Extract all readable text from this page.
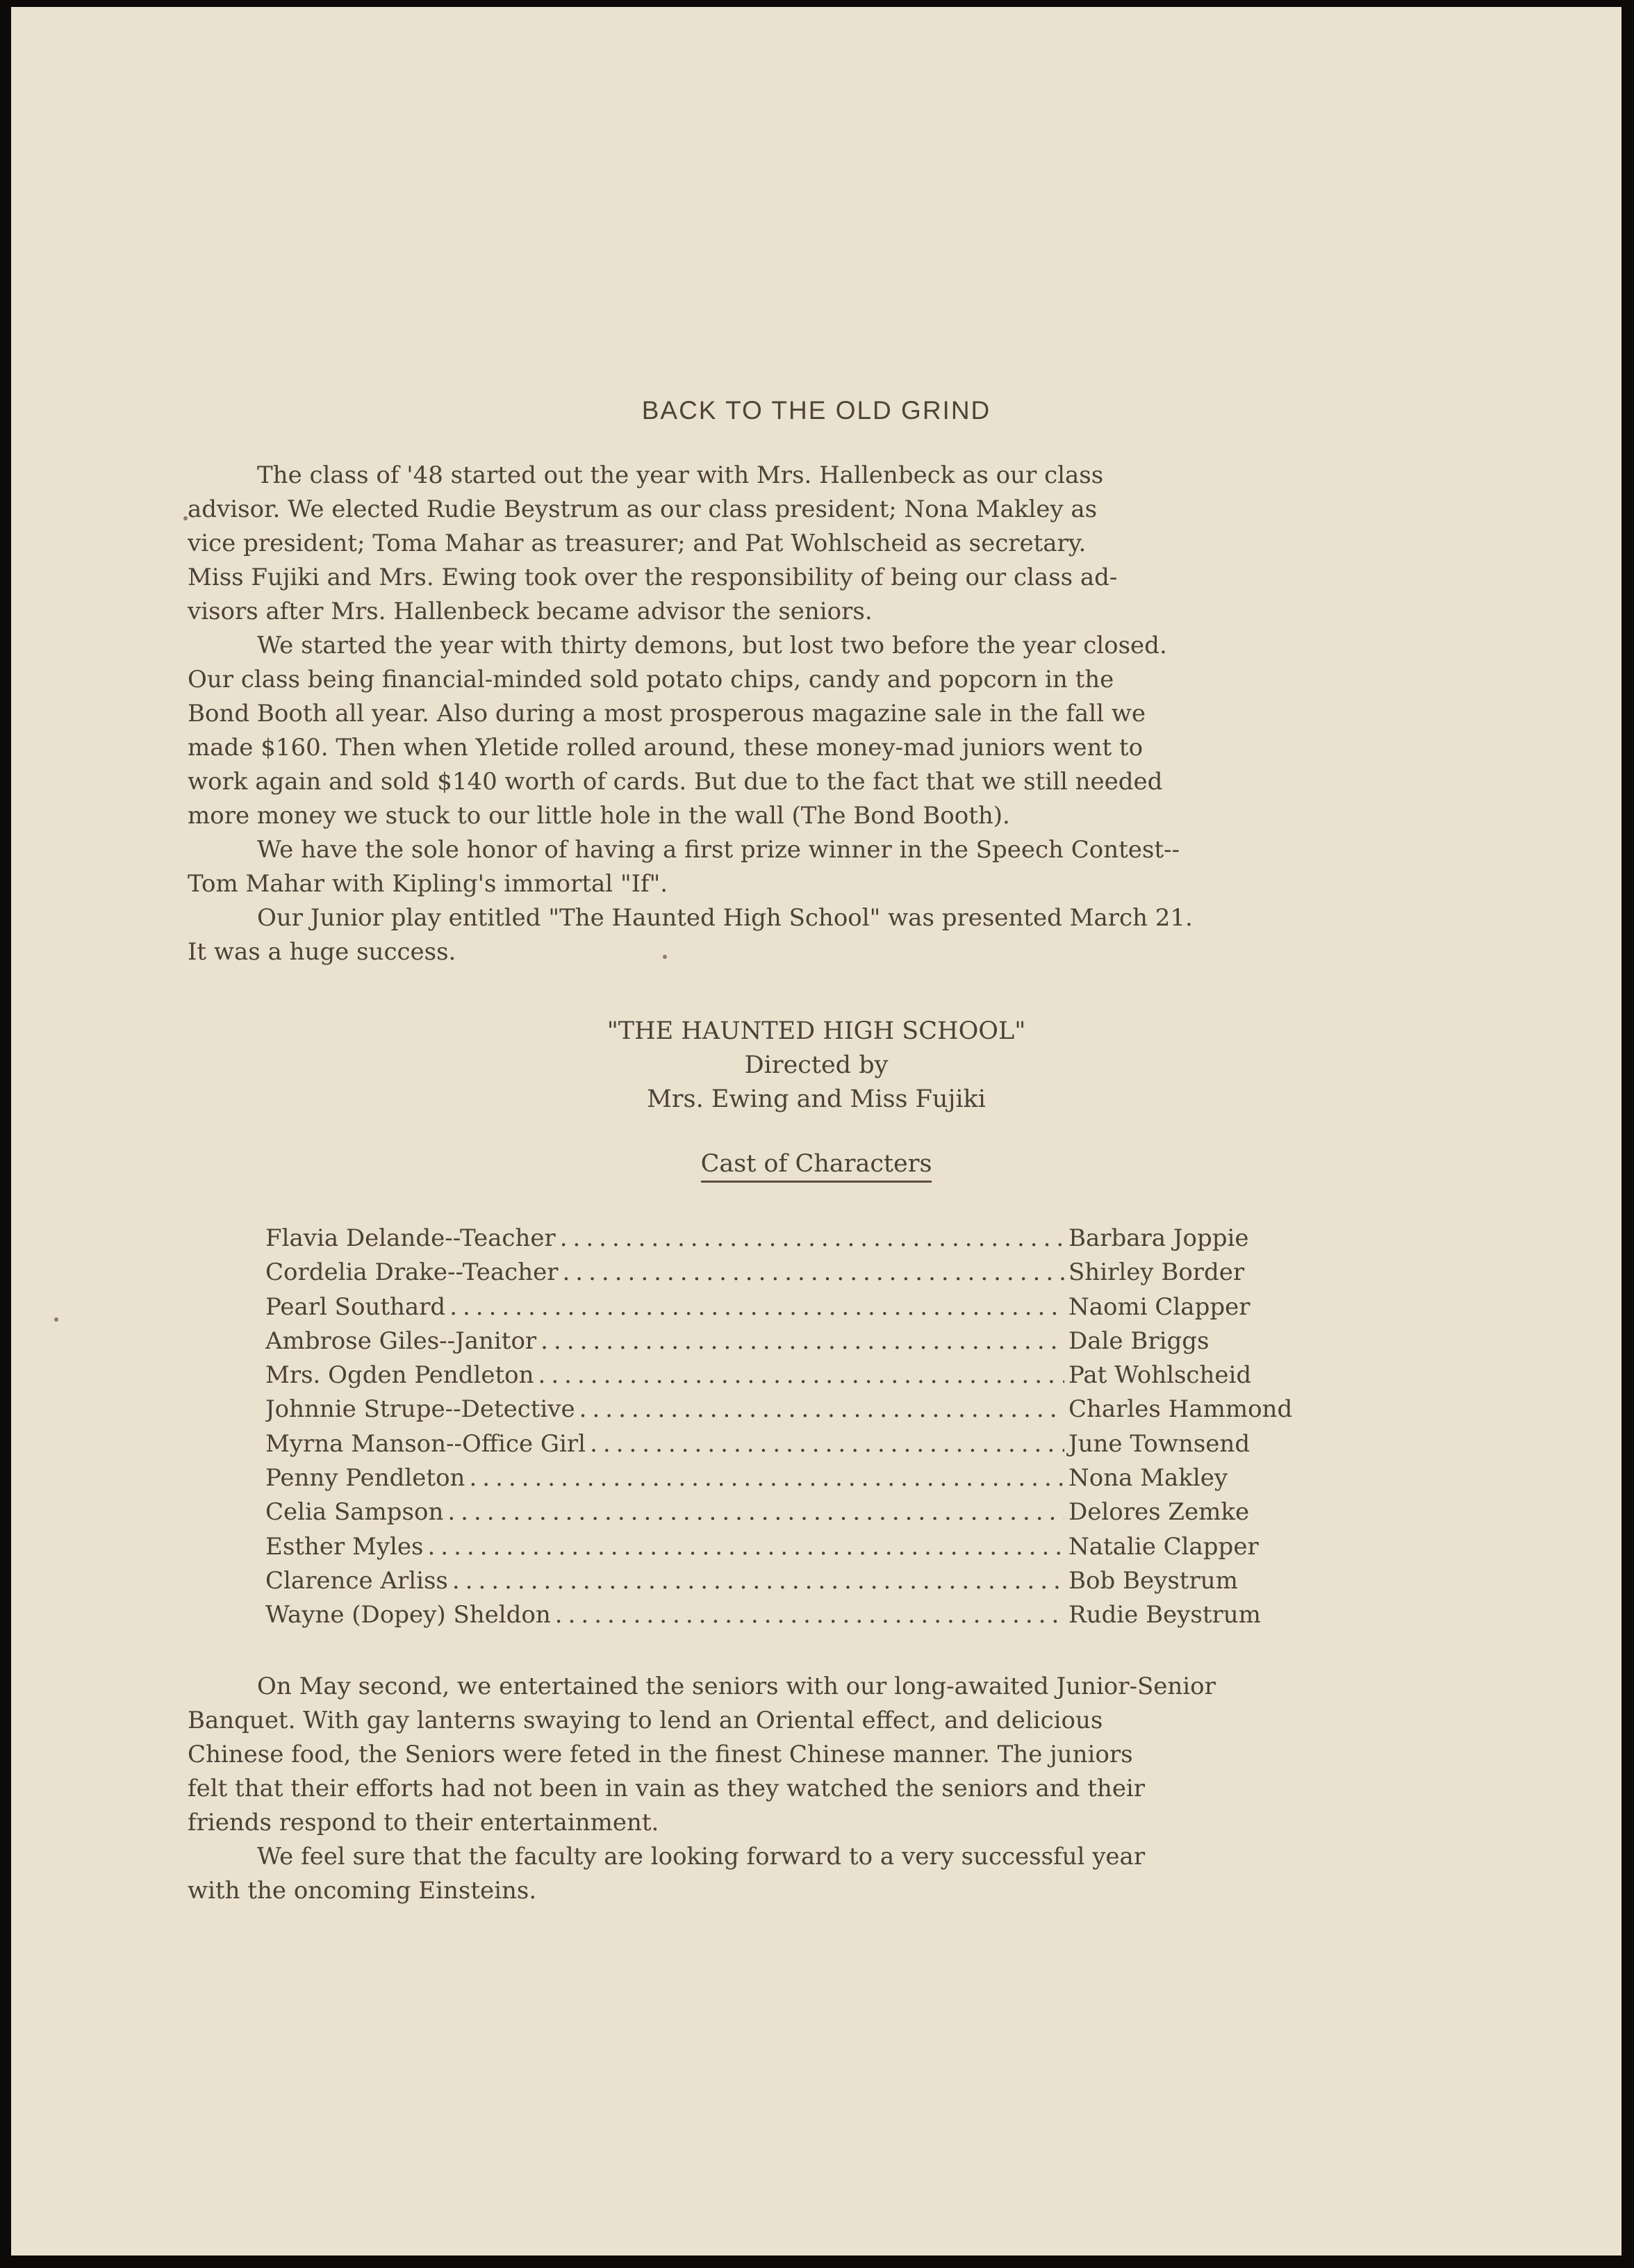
BACK TO THE OLD GRIND

The class of '48 started out the year with Mrs. Hallenbeck as our class

advisor. We elected Rudie Beystrum as our class president; Nona Makley as

vice president; Toma Mahar as treasurer; and Pat Wohlscheid as secretary.

Miss Fujiki and Mrs. Ewing took over the responsibility of being our class ad-

visors after Mrs. Hallenbeck became advisor the seniors.

We started the year with thirty demons, but lost two before the year closed.

Our class being financial-minded sold potato chips, candy and popcorn in the

Bond Booth all year. Also during a most prosperous magazine sale in the fall we

made $160. Then when Yletide rolled around, these money-mad juniors went to

work again and sold $140 worth of cards. But due to the fact that we still needed

more money we stuck to our little hole in the wall (The Bond Booth).

We have the sole honor of having a first prize winner in the Speech Contest--

Tom Mahar with Kipling's immortal "If".

Our Junior play entitled "The Haunted High School" was presented March 21.

It was a huge success.

"THE HAUNTED HIGH SCHOOL"
Directed by
Mrs. Ewing and Miss Fujiki
Cast of Characters
Flavia Delande--Teacher .....	Barbara Joppie
Cordelia Drake--Teacher .....	Shirley Border
Pearl Southard .....	Naomi Clapper
Ambrose Giles--Janitor .....	Dale Briggs
Mrs. Ogden Pendleton .....	Pat Wohlscheid
Johnnie Strupe--Detective .....	Charles Hammond
Myrna Manson--Office Girl .....	June Townsend
Penny Pendleton .....	Nona Makley
Celia Sampson .....	Delores Zemke
Esther Myles .....	Natalie Clapper
Clarence Arliss .....	Bob Beystrum
Wayne (Dopey) Sheldon .....	Rudie Beystrum

On May second, we entertained the seniors with our long-awaited Junior-Senior

Banquet. With gay lanterns swaying to lend an Oriental effect, and delicious

Chinese food, the Seniors were feted in the finest Chinese manner. The juniors

felt that their efforts had not been in vain as they watched the seniors and their

friends respond to their entertainment.

We feel sure that the faculty are looking forward to a very successful year

with the oncoming Einsteins.
